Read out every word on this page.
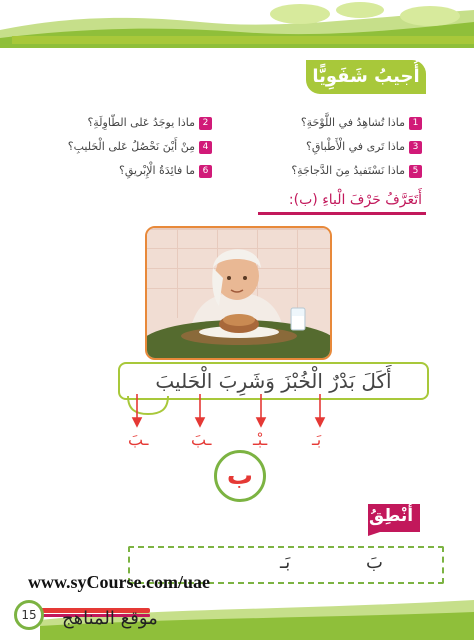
أُجيبُ شَفَوِيًّا
1ماذا تُشاهِدُ في اللَّوْحَةِ؟
3ماذا تَرى في الْأَطْباقِ؟
5ماذا نَسْتَفيدُ مِنَ الدَّجاجَةِ؟
2ماذا يوجَدُ عَلى الطّاوِلَةِ؟
4مِنْ أَيْنَ نَحْصُلُ عَلى الْحَليبِ؟
6ما فائِدَةُ الْإِبْريقِ؟
أَتَعَرَّفُ حَرْفَ الْباءِ (ب):
أَكَلَ بَدْرٌ الْخُبْزَ وَشَرِبَ الْحَليبَ
ـبَ	ـبَ	ـبْـ	بَـ
ب
أَنْطِقُ
بَـ	بَ
www.syCourse.com/uae
موقع المناهج
15
